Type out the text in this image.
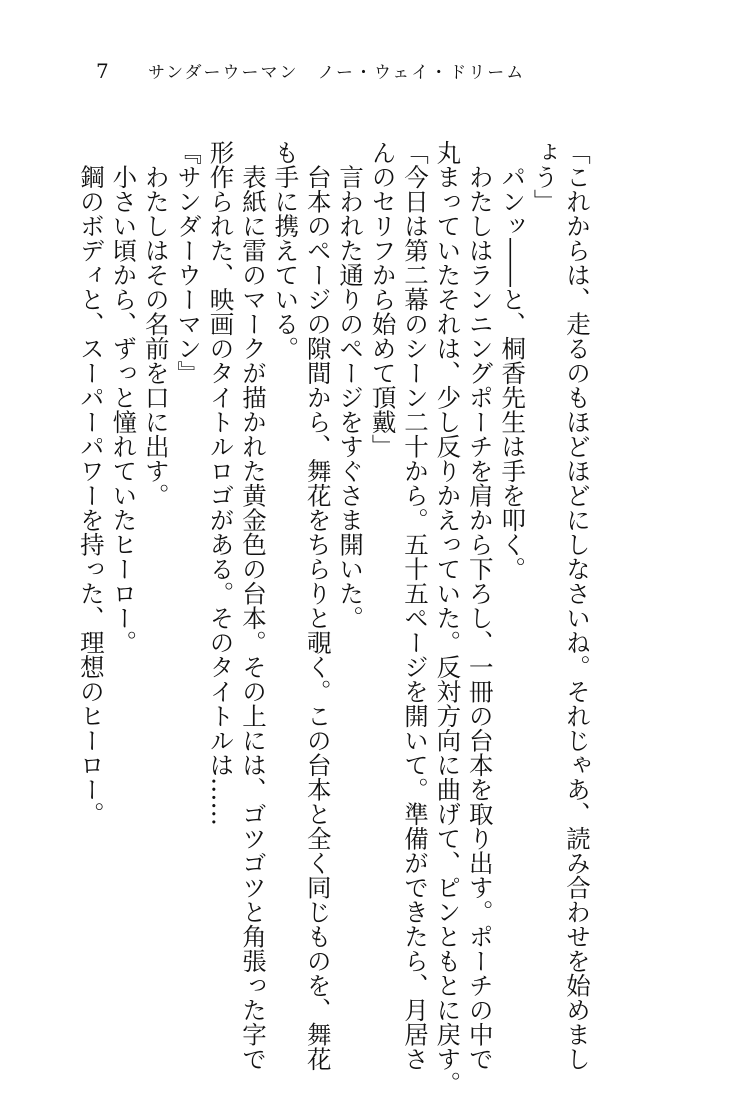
7	サンダーウーマン　ノー・ウェイ・ドリーム

「これからは、走るのもほどほどにしなさいね。それじゃあ、読み合わせを始めまし

ょう」

　パンッ――と、桐香先生は手を叩く。

　わたしはランニングポーチを肩から下ろし、一冊の台本を取り出す。ポーチの中で

丸まっていたそれは、少し反りかえっていた。反対方向に曲げて、ピンともとに戻す。

「今日は第二幕のシーン二十から。五十五ページを開いて。準備ができたら、月居さ

んのセリフから始めて頂戴」

　言われた通りのページをすぐさま開いた。

　台本のページの隙間から、舞花をちらりと覗く。この台本と全く同じものを、舞花

も手に携えている。

　表紙に雷のマークが描かれた黄金色の台本。その上には、ゴツゴツと角張った字で

形作られた、映画のタイトルロゴがある。そのタイトルは……

『サンダーウーマン』

　わたしはその名前を口に出す。

　小さい頃から、ずっと憧れていたヒーロー。

　鋼のボディと、スーパーパワーを持った、理想のヒーロー。
